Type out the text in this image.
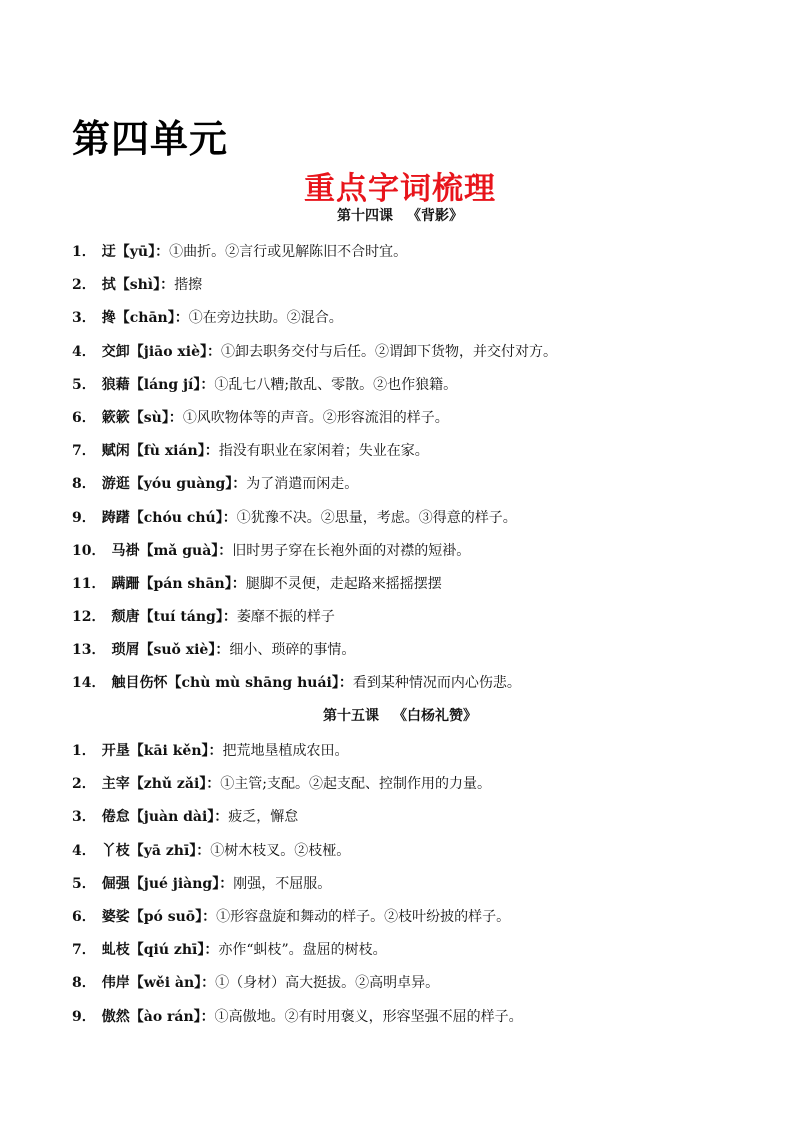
第四单元
重点字词梳理
第十四课 《背影》
1． 迂【yū】：①曲折。②言行或见解陈旧不合时宜。
2． 拭【shì】：揩擦
3． 搀【chān】：①在旁边扶助。②混合。
4． 交卸【jiāo xiè】：①卸去职务交付与后任。②谓卸下货物，并交付对方。
5． 狼藉【láng jí】：①乱七八糟;散乱、零散。②也作狼籍。
6． 簌簌【sù】：①风吹物体等的声音。②形容流泪的样子。
7． 赋闲【fù xián】：指没有职业在家闲着；失业在家。
8． 游逛【yóu guàng】：为了消遣而闲走。
9． 踌躇【chóu chú】：①犹豫不决。②思量，考虑。③得意的样子。
10． 马褂【mǎ guà】：旧时男子穿在长袍外面的对襟的短褂。
11． 蹒跚【pán shān】：腿脚不灵便，走起路来摇摇摆摆
12． 颓唐【tuí táng】：萎靡不振的样子
13． 琐屑【suǒ xiè】：细小、琐碎的事情。
14． 触目伤怀【chù mù shāng huái】：看到某种情况而内心伤悲。
第十五课 《白杨礼赞》
1． 开垦【kāi kěn】：把荒地垦植成农田。
2． 主宰【zhǔ zǎi】：①主管;支配。②起支配、控制作用的力量。
3． 倦怠【juàn dài】：疲乏，懈怠
4． 丫枝【yā zhī】：①树木枝叉。②枝桠。
5． 倔强【jué jiàng】：刚强，不屈服。
6． 婆娑【pó suō】：①形容盘旋和舞动的样子。②枝叶纷披的样子。
7． 虬枝【qiú zhī】：亦作“虯枝”。盘屈的树枝。
8． 伟岸【wěi àn】：①（身材）高大挺拔。②高明卓异。
9． 傲然【ào rán】：①高傲地。②有时用褒义，形容坚强不屈的样子。
